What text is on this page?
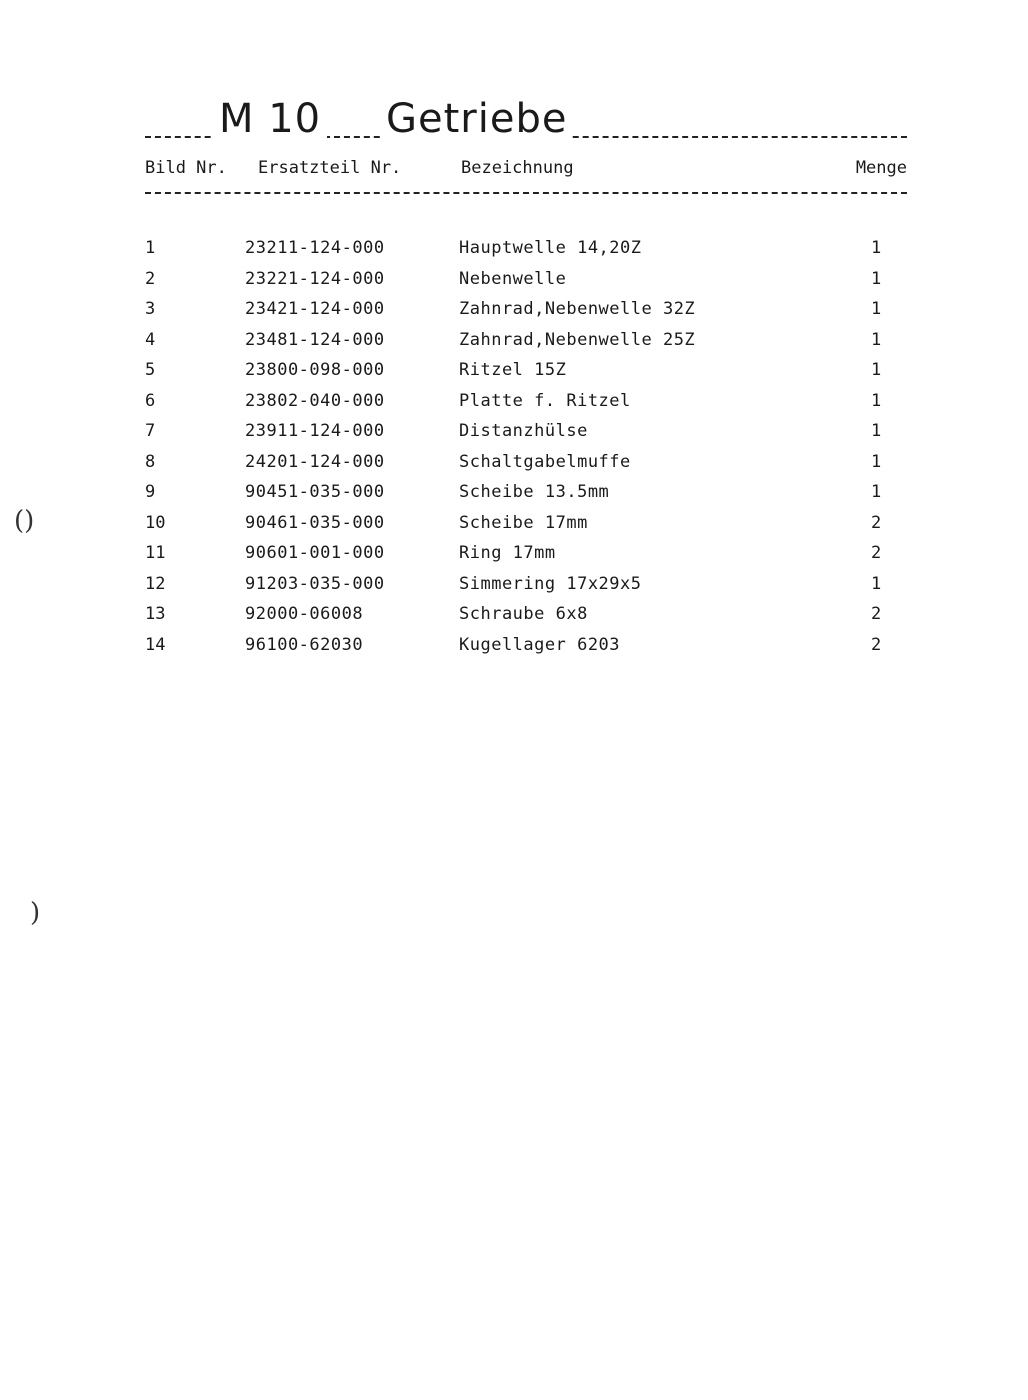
M 10 Getriebe
Bild Nr. Ersatzteil Nr.	Bezeichnung	Menge
1	23211-124-000	Hauptwelle 14,20Z	1
2	23221-124-000	Nebenwelle	1
3	23421-124-000	Zahnrad,Nebenwelle 32Z	1
4	23481-124-000	Zahnrad,Nebenwelle 25Z	1
5	23800-098-000	Ritzel 15Z	1
6	23802-040-000	Platte f. Ritzel	1
7	23911-124-000	Distanzhülse	1
8	24201-124-000	Schaltgabelmuffe	1
9	90451-035-000	Scheibe 13.5mm	1
10	90461-035-000	Scheibe 17mm	2
11	90601-001-000	Ring 17mm	2
12	91203-035-000	Simmering 17x29x5	1
13	92000-06008	Schraube 6x8	2
14	96100-62030	Kugellager 6203	2
()
)
